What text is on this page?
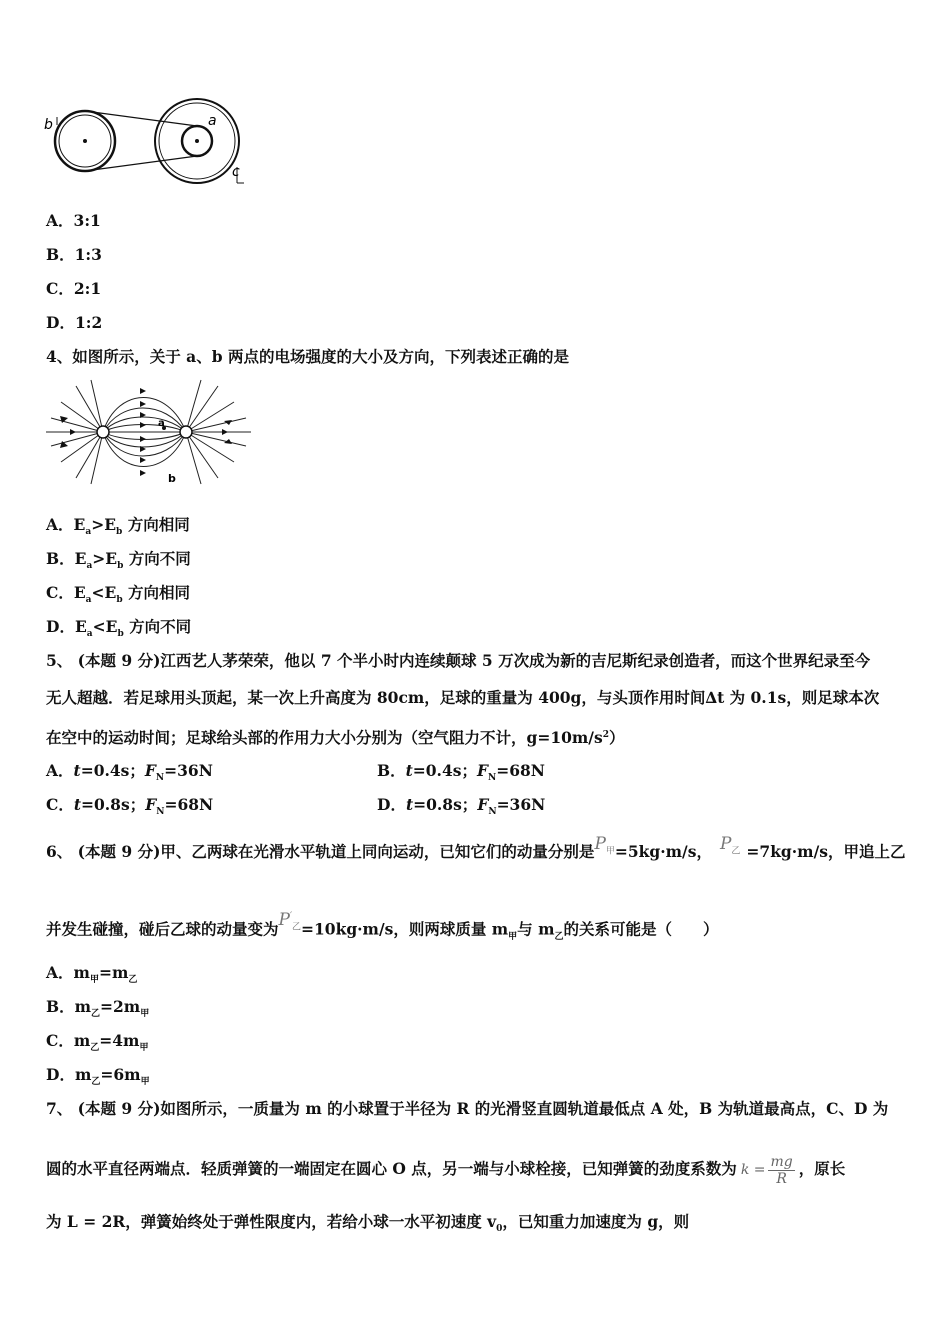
b	a
c
A．3:1
B．1:3
C．2:1
D．1:2
4、如图所示，关于 a、b 两点的电场强度的大小及方向，下列表述正确的是
a
b
A．$E_a>E_b$ 方向相同
B．$E_a>E_b$ 方向不同
C．$E_a<E_b$ 方向相同
D．$E_a<E_b$ 方向不同
5、 (本题 9 分)江西艺人茅荣荣，他以 7 个半小时内连续颠球 5 万次成为新的吉尼斯纪录创造者，而这个世界纪录至今
无人超越．若足球用头顶起，某一次上升高度为 80cm，足球的重量为 400g，与头顶作用时间∆t 为 0.1s，则足球本次
在空中的运动时间；足球给头部的作用力大小分别为（空气阻力不计，$g=10m/s^2$）
A．t=0.4s；$F_N=36N$	B．t=0.4s；$F_N=68N$
C．t=0.8s；$F_N=68N$	D．t=0.8s；$F_N=36N$
6、 (本题 9 分)甲、乙两球在光滑水平轨道上同向运动，已知它们的动量分别是$P_甲=5kg\cdot m/s$， $P_乙 =7kg\cdot m/s$，甲追上乙
并发生碰撞，碰后乙球的动量变为$P'_乙=10kg\cdot m/s$，则两球质量 $m_甲$与 $m_乙$的关系可能是（　　）
A．$m_甲=m_乙$
B．$m_乙=2m_甲$
C．$m_乙=4m_甲$
D．$m_乙=6m_甲$
7、 (本题 9 分)如图所示，一质量为 m 的小球置于半径为 R 的光滑竖直圆轨道最低点 A 处，B 为轨道最高点，C、D 为
圆的水平直径两端点．轻质弹簧的一端固定在圆心 O 点，另一端与小球栓接，已知弹簧的劲度系数为 $k = \frac{mg}{R}$ ，原长
为 L = 2R，弹簧始终处于弹性限度内，若给小球一水平初速度 $v_0$，已知重力加速度为 g，则
